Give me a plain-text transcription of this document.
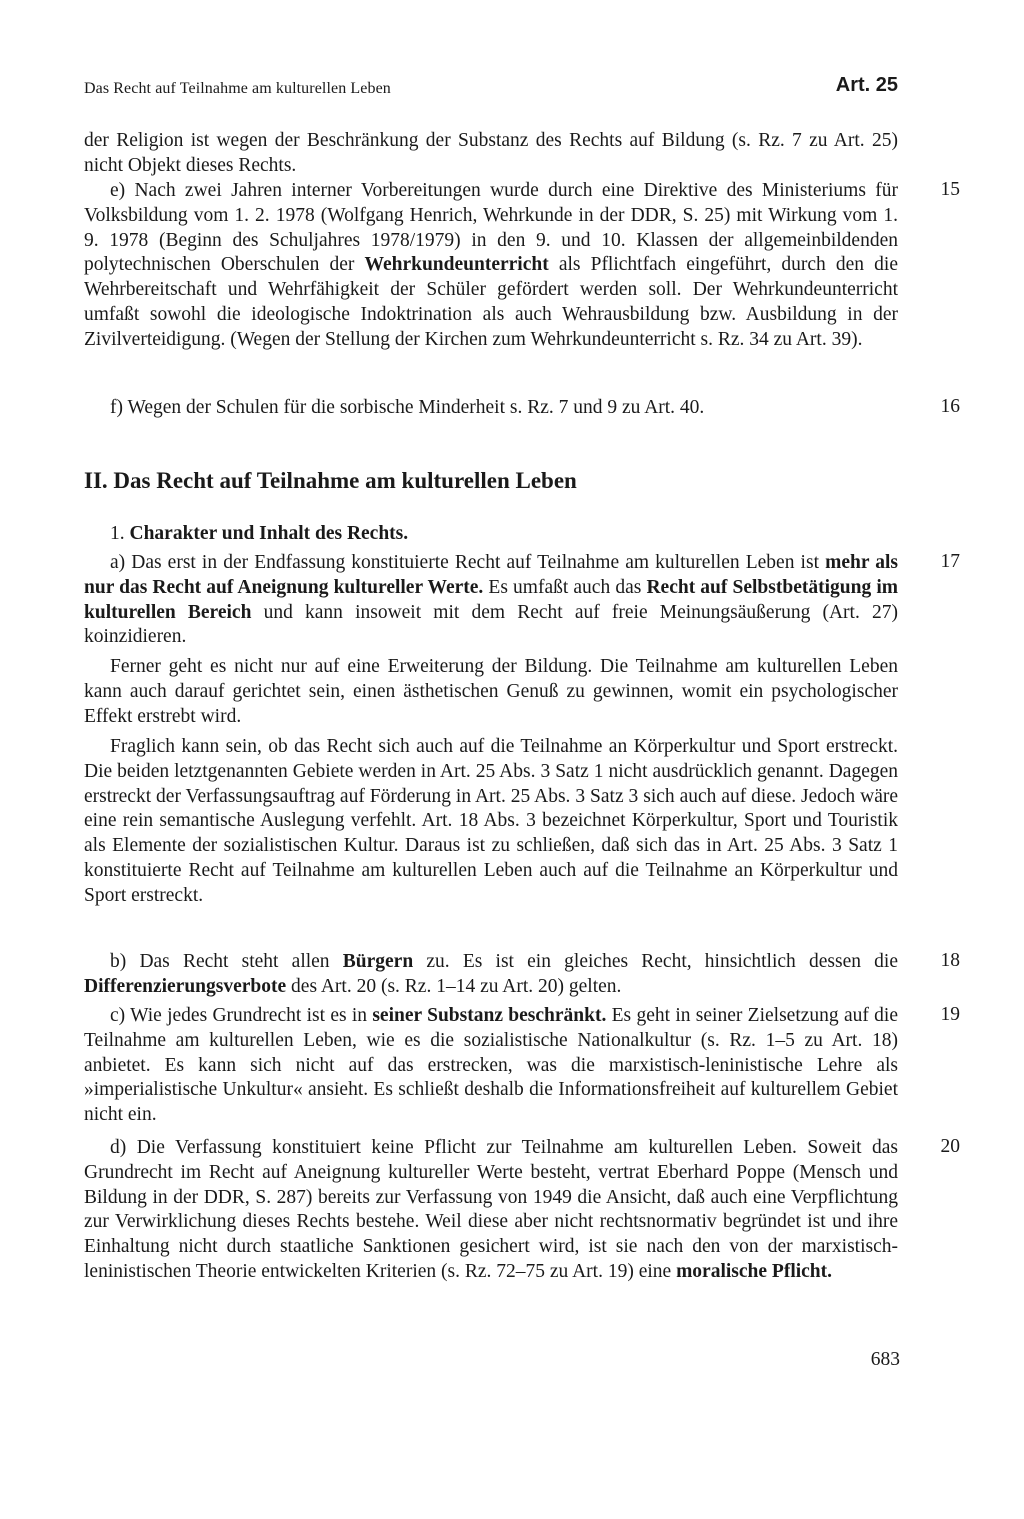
Das Recht auf Teilnahme am kulturellen Leben	Art. 25
der Religion ist wegen der Beschränkung der Substanz des Rechts auf Bildung (s. Rz. 7 zu Art. 25) nicht Objekt dieses Rechts.
15
e) Nach zwei Jahren interner Vorbereitungen wurde durch eine Direktive des Ministeriums für Volksbildung vom 1. 2. 1978 (Wolfgang Henrich, Wehrkunde in der DDR, S. 25) mit Wirkung vom 1. 9. 1978 (Beginn des Schuljahres 1978/1979) in den 9. und 10. Klassen der allgemeinbildenden polytechnischen Oberschulen der Wehrkundeunterricht als Pflichtfach eingeführt, durch den die Wehrbereitschaft und Wehrfähigkeit der Schüler gefördert werden soll. Der Wehrkundeunterricht umfaßt sowohl die ideologische Indoktrination als auch Wehrausbildung bzw. Ausbildung in der Zivilverteidigung. (Wegen der Stellung der Kirchen zum Wehrkundeunterricht s. Rz. 34 zu Art. 39).
16
f) Wegen der Schulen für die sorbische Minderheit s. Rz. 7 und 9 zu Art. 40.
II. Das Recht auf Teilnahme am kulturellen Leben
1. Charakter und Inhalt des Rechts.
17
a) Das erst in der Endfassung konstituierte Recht auf Teilnahme am kulturellen Leben ist mehr als nur das Recht auf Aneignung kultureller Werte. Es umfaßt auch das Recht auf Selbstbetätigung im kulturellen Bereich und kann insoweit mit dem Recht auf freie Meinungsäußerung (Art. 27) koinzidieren.
Ferner geht es nicht nur auf eine Erweiterung der Bildung. Die Teilnahme am kulturellen Leben kann auch darauf gerichtet sein, einen ästhetischen Genuß zu gewinnen, womit ein psychologischer Effekt erstrebt wird.
Fraglich kann sein, ob das Recht sich auch auf die Teilnahme an Körperkultur und Sport erstreckt. Die beiden letztgenannten Gebiete werden in Art. 25 Abs. 3 Satz 1 nicht ausdrücklich genannt. Dagegen erstreckt der Verfassungsauftrag auf Förderung in Art. 25 Abs. 3 Satz 3 sich auch auf diese. Jedoch wäre eine rein semantische Auslegung verfehlt. Art. 18 Abs. 3 bezeichnet Körperkultur, Sport und Touristik als Elemente der sozialistischen Kultur. Daraus ist zu schließen, daß sich das in Art. 25 Abs. 3 Satz 1 konstituierte Recht auf Teilnahme am kulturellen Leben auch auf die Teilnahme an Körperkultur und Sport erstreckt.
18
b) Das Recht steht allen Bürgern zu. Es ist ein gleiches Recht, hinsichtlich dessen die Differenzierungsverbote des Art. 20 (s. Rz. 1–14 zu Art. 20) gelten.
19
c) Wie jedes Grundrecht ist es in seiner Substanz beschränkt. Es geht in seiner Zielsetzung auf die Teilnahme am kulturellen Leben, wie es die sozialistische Nationalkultur (s. Rz. 1–5 zu Art. 18) anbietet. Es kann sich nicht auf das erstrecken, was die marxistisch-leninistische Lehre als »imperialistische Unkultur« ansieht. Es schließt deshalb die Informationsfreiheit auf kulturellem Gebiet nicht ein.
20
d) Die Verfassung konstituiert keine Pflicht zur Teilnahme am kulturellen Leben. Soweit das Grundrecht im Recht auf Aneignung kultureller Werte besteht, vertrat Eberhard Poppe (Mensch und Bildung in der DDR, S. 287) bereits zur Verfassung von 1949 die Ansicht, daß auch eine Verpflichtung zur Verwirklichung dieses Rechts bestehe. Weil diese aber nicht rechtsnormativ begründet ist und ihre Einhaltung nicht durch staatliche Sanktionen gesichert wird, ist sie nach den von der marxistisch-leninistischen Theorie entwickelten Kriterien (s. Rz. 72–75 zu Art. 19) eine moralische Pflicht.
683
